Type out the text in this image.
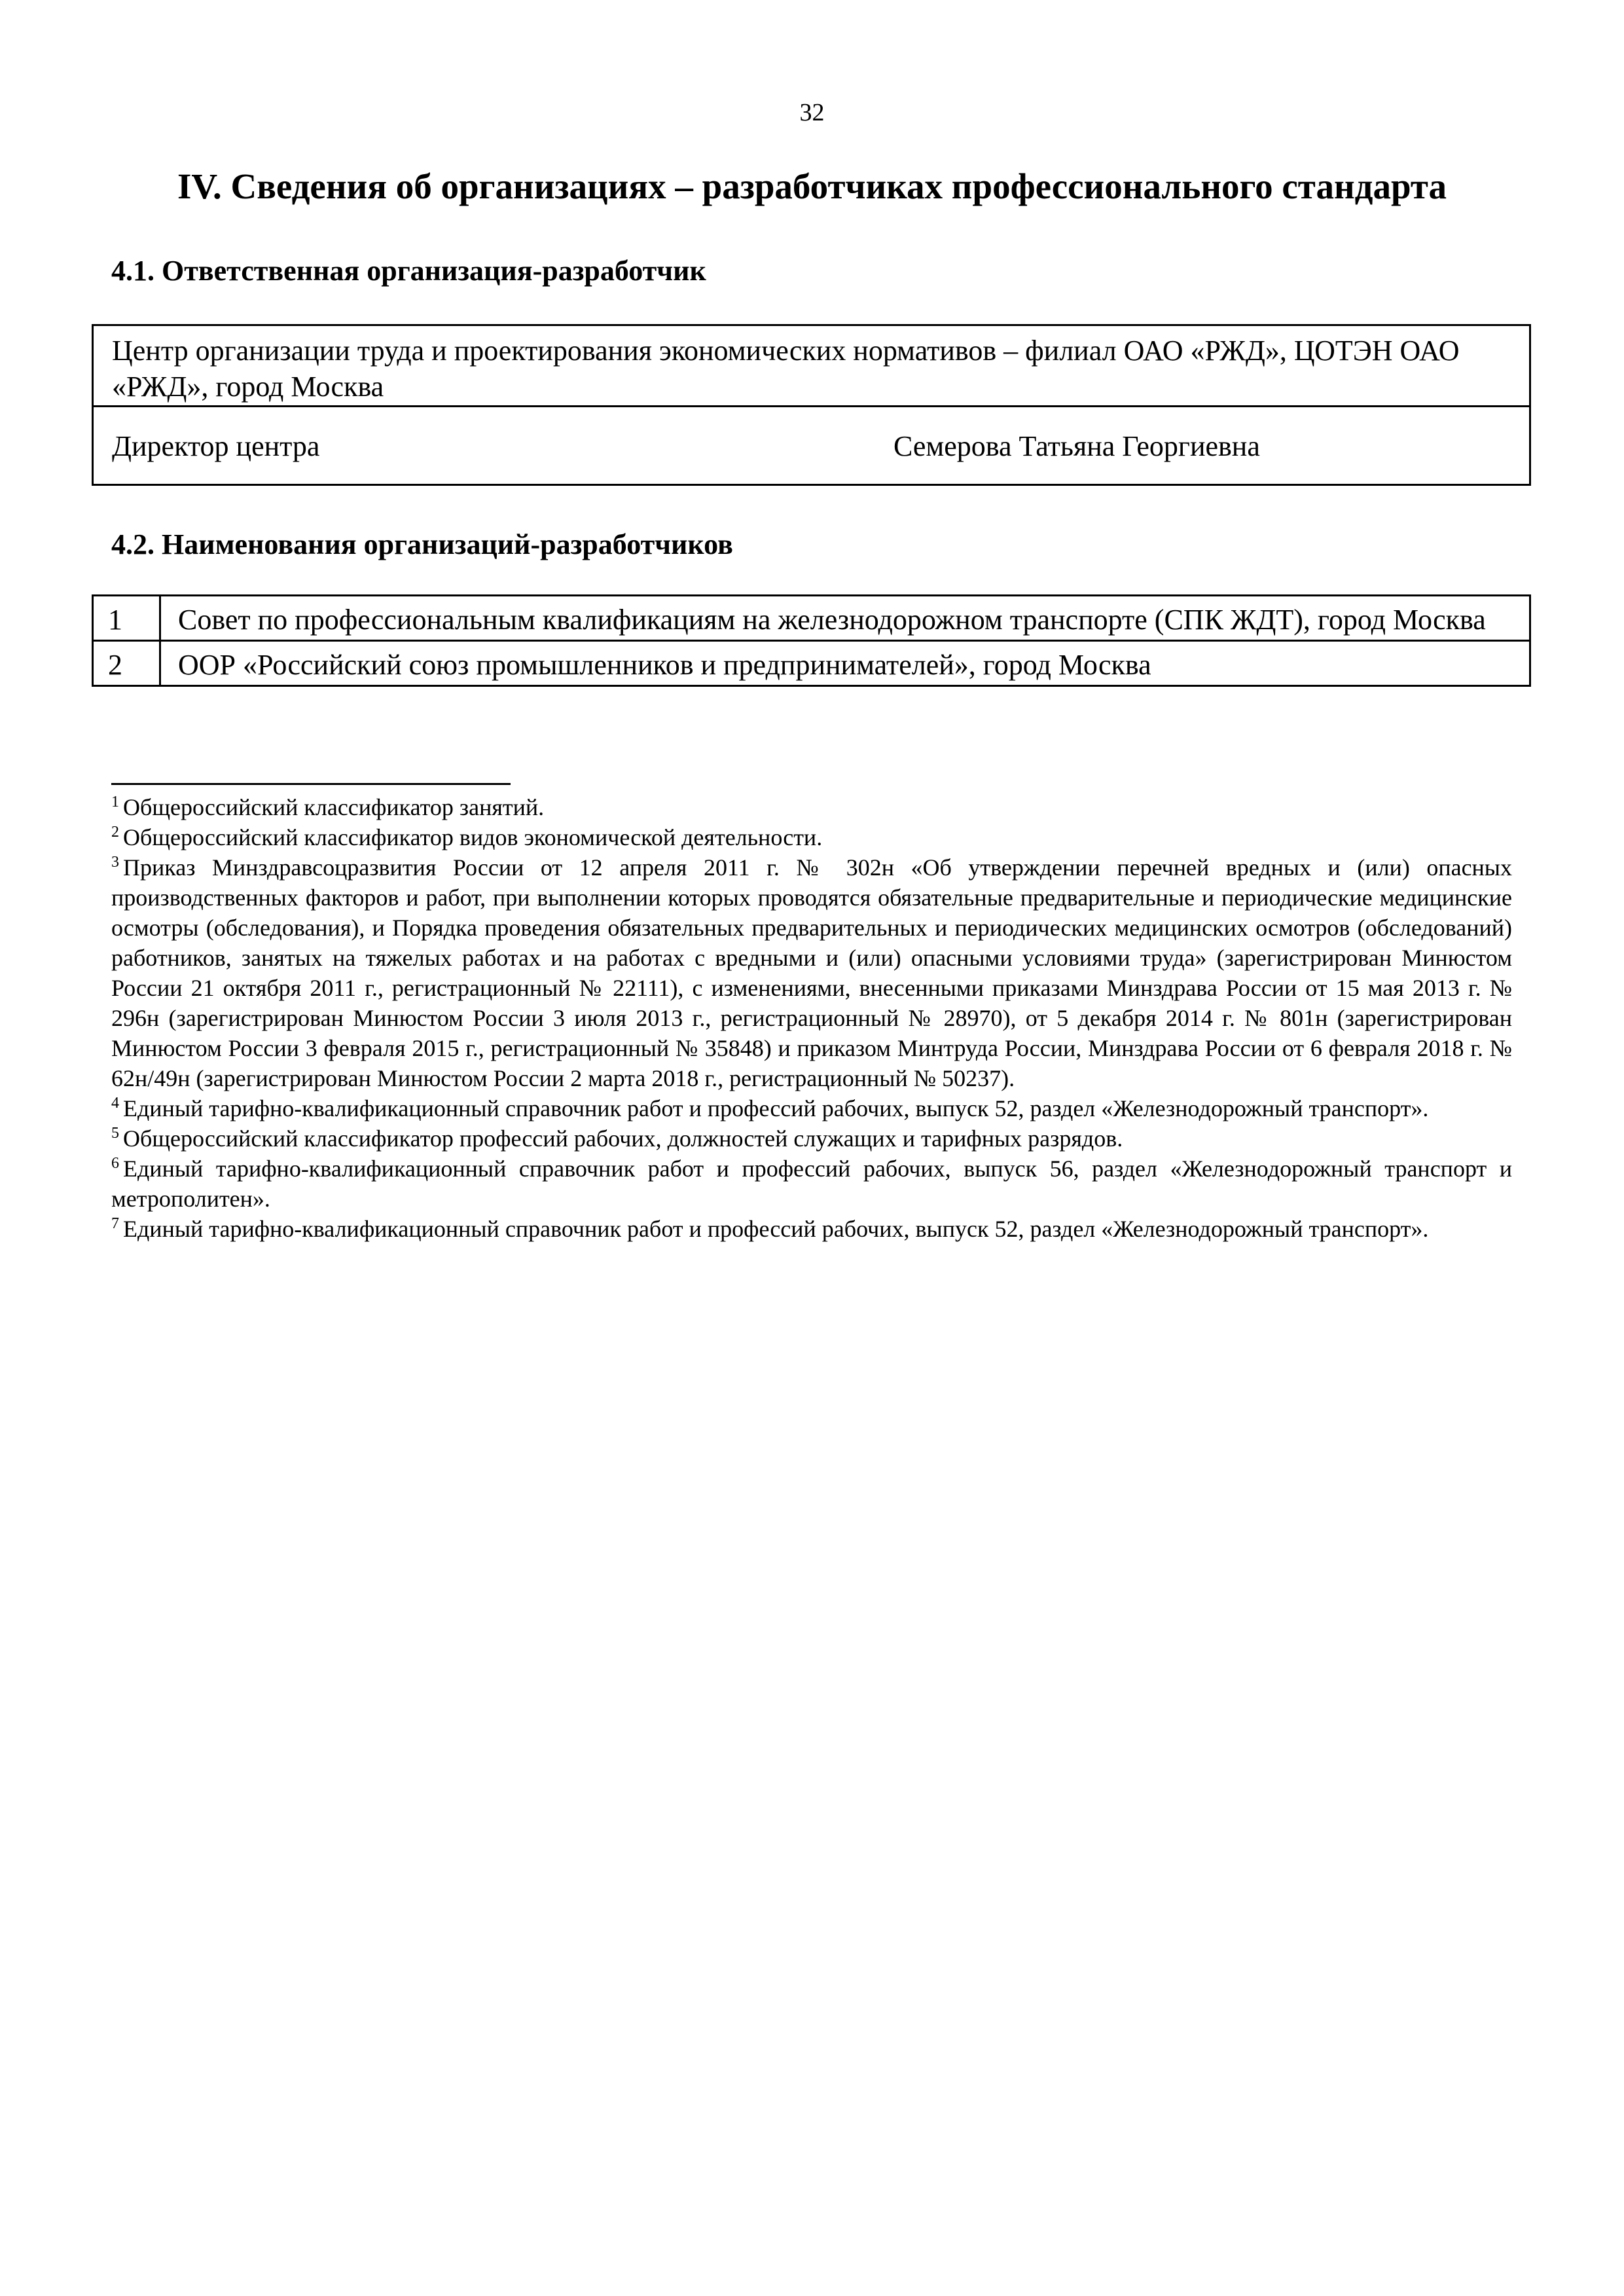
32
IV. Сведения об организациях – разработчиках профессионального стандарта
4.1. Ответственная организация-разработчик
Центр организации труда и проектирования экономических нормативов – филиал ОАО «РЖД», ЦОТЭН ОАО «РЖД», город Москва
Директор центра	Семерова Татьяна Георгиевна
4.2. Наименования организаций-разработчиков
1	Совет по профессиональным квалификациям на железнодорожном транспорте (СПК ЖДТ), город Москва
2	ООР «Российский союз промышленников и предпринимателей», город Москва

$^1$ Общероссийский классификатор занятий.

$^2$ Общероссийский классификатор видов экономической деятельности.

$^3$ Приказ Минздравсоцразвития России от 12 апреля 2011 г. № 302н «Об утверждении перечней вредных и (или) опасных производственных факторов и работ, при выполнении которых проводятся обязательные предварительные и периодические медицинские осмотры (обследования), и Порядка проведения обязательных предварительных и периодических медицинских осмотров (обследований) работников, занятых на тяжелых работах и на работах с вредными и (или) опасными условиями труда» (зарегистрирован Минюстом России 21 октября 2011 г., регистрационный № 22111), с изменениями, внесенными приказами Минздрава России от 15 мая 2013 г. № 296н (зарегистрирован Минюстом России 3 июля 2013 г., регистрационный № 28970), от 5 декабря 2014 г. № 801н (зарегистрирован Минюстом России 3 февраля 2015 г., регистрационный № 35848) и приказом Минтруда России, Минздрава России от 6 февраля 2018 г. № 62н/49н (зарегистрирован Минюстом России 2 марта 2018 г., регистрационный № 50237).

$^4$ Единый тарифно-квалификационный справочник работ и профессий рабочих, выпуск 52, раздел «Железнодорожный транспорт».

$^5$ Общероссийский классификатор профессий рабочих, должностей служащих и тарифных разрядов.

$^6$ Единый тарифно-квалификационный справочник работ и профессий рабочих, выпуск 56, раздел «Железнодорожный транспорт и метрополитен».

$^7$ Единый тарифно-квалификационный справочник работ и профессий рабочих, выпуск 52, раздел «Железнодорожный транспорт».
